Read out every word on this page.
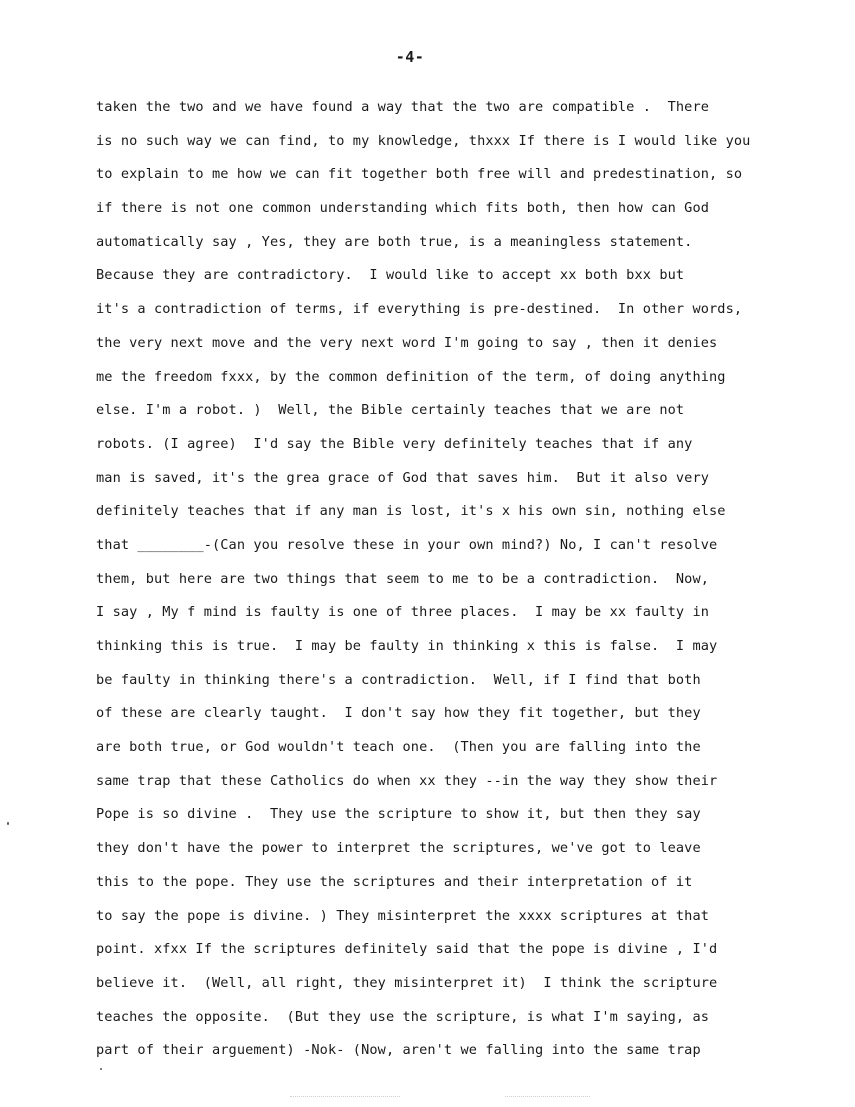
-4-
taken the two and we have found a way that the two are compatible .  There
is no such way we can find, to my knowledge, thxxx If there is I would like you
to explain to me how we can fit together both free will and predestination, so
if there is not one common understanding which fits both, then how can God
automatically say , Yes, they are both true, is a meaningless statement.
Because they are contradictory.  I would like to accept xx both bxx but
it's a contradiction of terms, if everything is pre-destined.  In other words,
the very next move and the very next word I'm going to say , then it denies
me the freedom fxxx, by the common definition of the term, of doing anything
else. I'm a robot. )  Well, the Bible certainly teaches that we are not
robots. (I agree)  I'd say the Bible very definitely teaches that if any
man is saved, it's the grea grace of God that saves him.  But it also very
definitely teaches that if any man is lost, it's x his own sin, nothing else
that ________-(Can you resolve these in your own mind?) No, I can't resolve
them, but here are two things that seem to me to be a contradiction.  Now,
I say , My f mind is faulty is one of three places.  I may be xx faulty in
thinking this is true.  I may be faulty in thinking x this is false.  I may
be faulty in thinking there's a contradiction.  Well, if I find that both
of these are clearly taught.  I don't say how they fit together, but they
are both true, or God wouldn't teach one.  (Then you are falling into the
same trap that these Catholics do when xx they --in the way they show their
Pope is so divine .  They use the scripture to show it, but then they say
they don't have the power to interpret the scriptures, we've got to leave
this to the pope. They use the scriptures and their interpretation of it
to say the pope is divine. ) They misinterpret the xxxx scriptures at that
point. xfxx If the scriptures definitely said that the pope is divine , I'd
believe it.  (Well, all right, they misinterpret it)  I think the scripture
teaches the opposite.  (But they use the scripture, is what I'm saying, as
part of their arguement) -Nok- (Now, aren't we falling into the same trap
